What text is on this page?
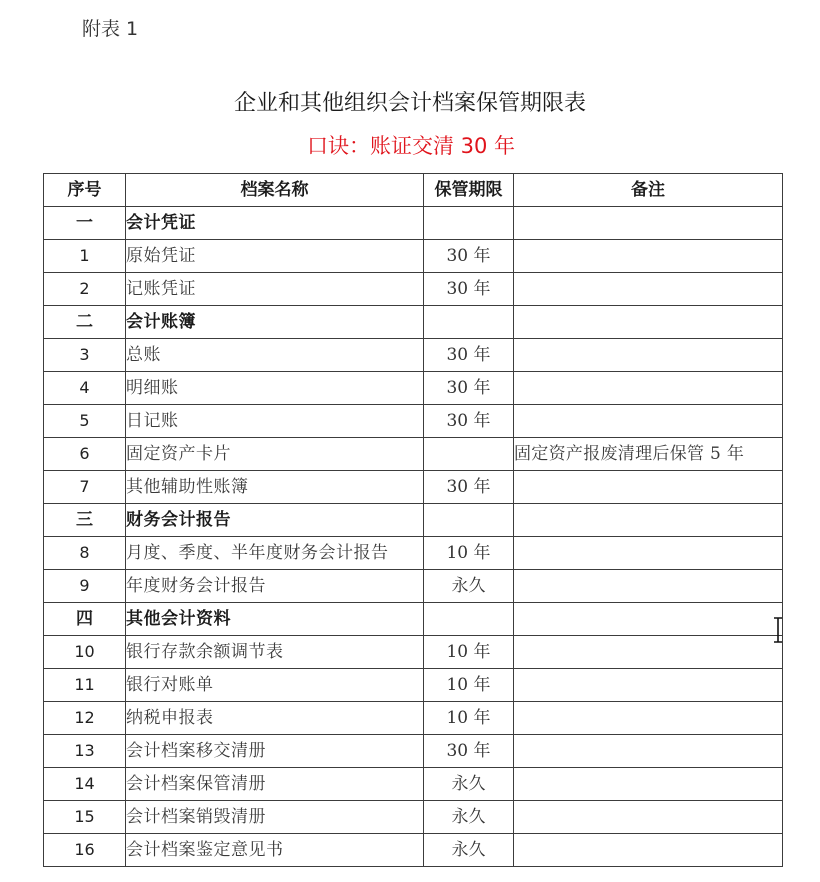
附表 1
企业和其他组织会计档案保管期限表
口诀：账证交清 30 年
序号	档案名称	保管期限	备注
一	会计凭证		
1	原始凭证	30 年	
2	记账凭证	30 年	
二	会计账簿		
3	总账	30 年	
4	明细账	30 年	
5	日记账	30 年	
6	固定资产卡片		固定资产报废清理后保管 5 年
7	其他辅助性账簿	30 年	
三	财务会计报告		
8	月度、季度、半年度财务会计报告	10 年	
9	年度财务会计报告	永久	
四	其他会计资料		
10	银行存款余额调节表	10 年	
11	银行对账单	10 年	
12	纳税申报表	10 年	
13	会计档案移交清册	30 年	
14	会计档案保管清册	永久	
15	会计档案销毁清册	永久	
16	会计档案鉴定意见书	永久	
